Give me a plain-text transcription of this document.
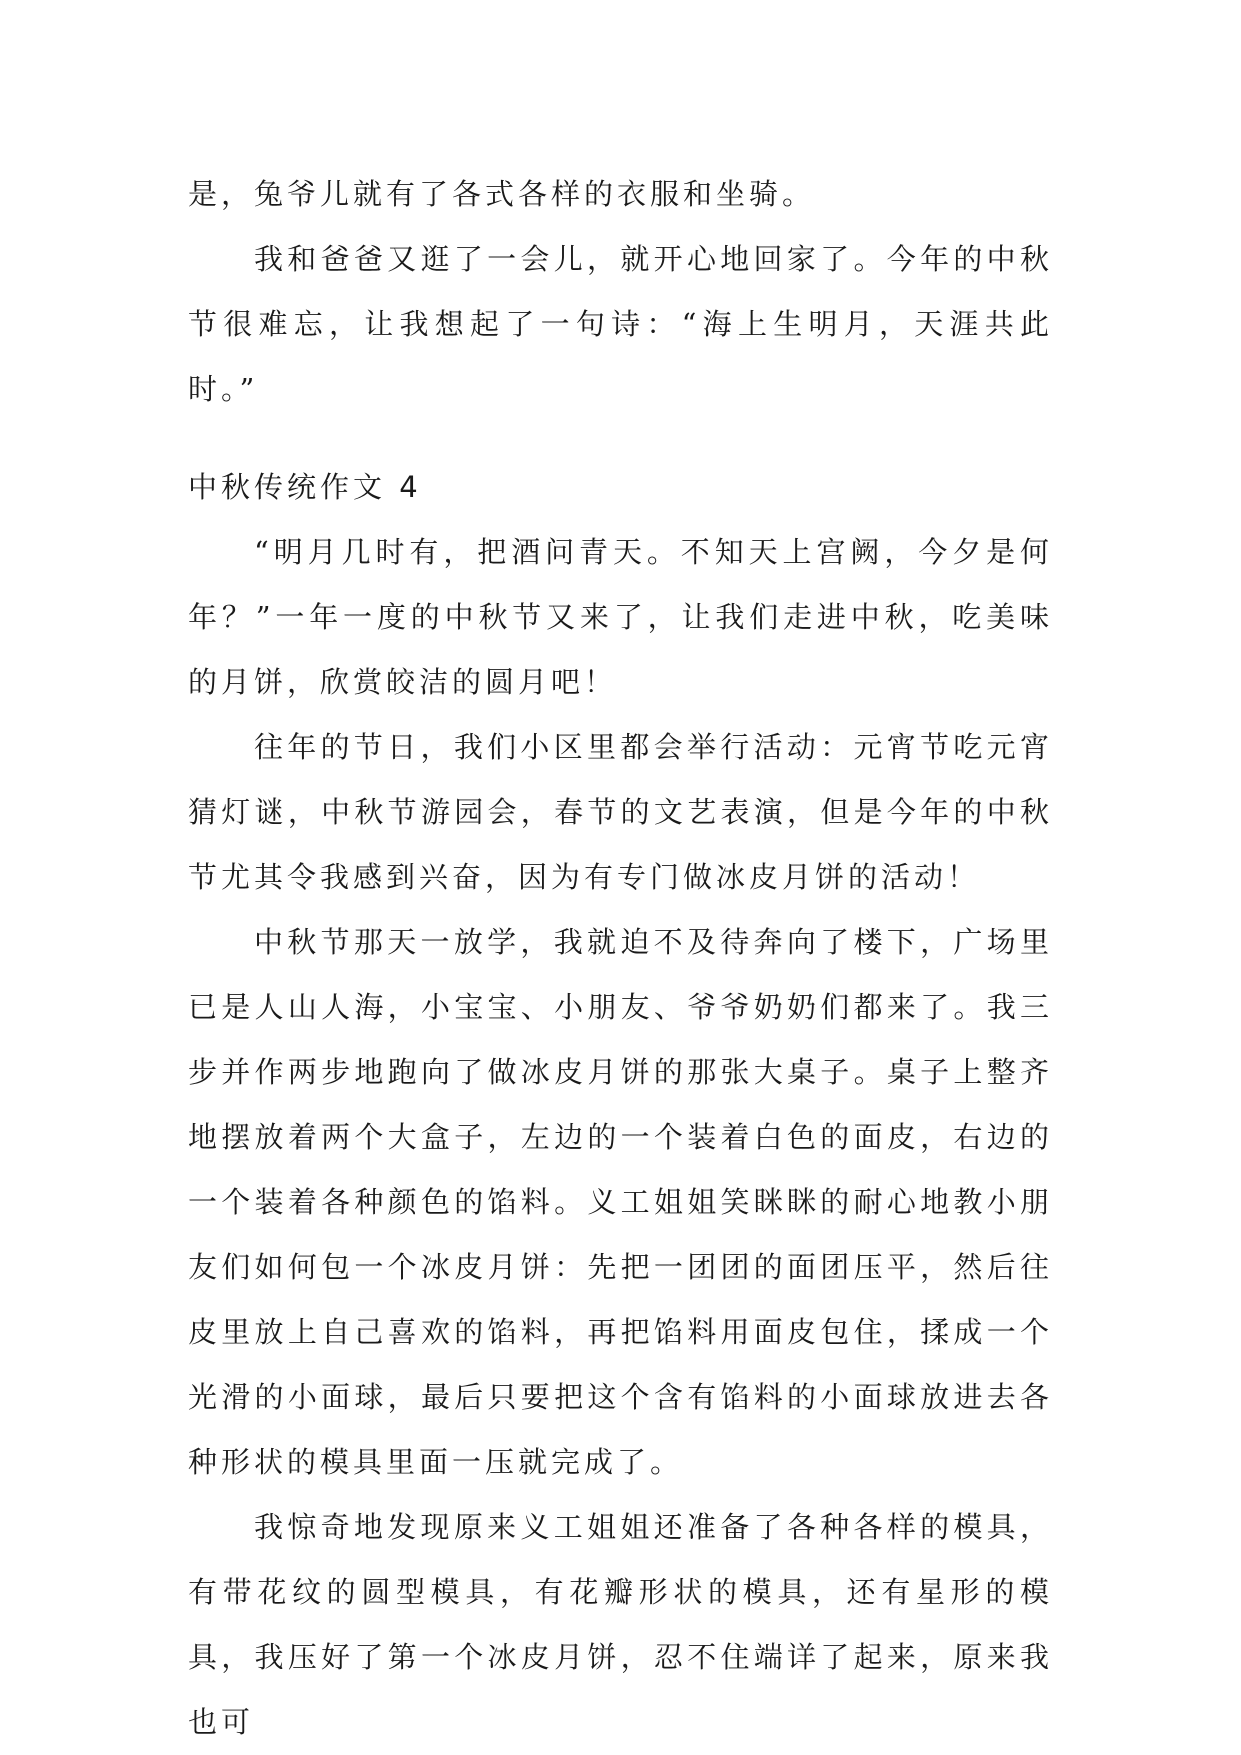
是，兔爷儿就有了各式各样的衣服和坐骑。

我和爸爸又逛了一会儿，就开心地回家了。今年的中秋节很难忘，让我想起了一句诗：“海上生明月，天涯共此时。”

中秋传统作文 4

“明月几时有，把酒问青天。不知天上宫阙，今夕是何年？”一年一度的中秋节又来了，让我们走进中秋，吃美味的月饼，欣赏皎洁的圆月吧！

往年的节日，我们小区里都会举行活动：元宵节吃元宵猜灯谜，中秋节游园会，春节的文艺表演，但是今年的中秋节尤其令我感到兴奋，因为有专门做冰皮月饼的活动！

中秋节那天一放学，我就迫不及待奔向了楼下，广场里已是人山人海，小宝宝、小朋友、爷爷奶奶们都来了。我三步并作两步地跑向了做冰皮月饼的那张大桌子。桌子上整齐地摆放着两个大盒子，左边的一个装着白色的面皮，右边的一个装着各种颜色的馅料。义工姐姐笑眯眯的耐心地教小朋友们如何包一个冰皮月饼：先把一团团的面团压平，然后往皮里放上自己喜欢的馅料，再把馅料用面皮包住，揉成一个光滑的小面球，最后只要把这个含有馅料的小面球放进去各种形状的模具里面一压就完成了。

我惊奇地发现原来义工姐姐还准备了各种各样的模具，有带花纹的圆型模具，有花瓣形状的模具，还有星形的模具，我压好了第一个冰皮月饼，忍不住端详了起来，原来我也可
